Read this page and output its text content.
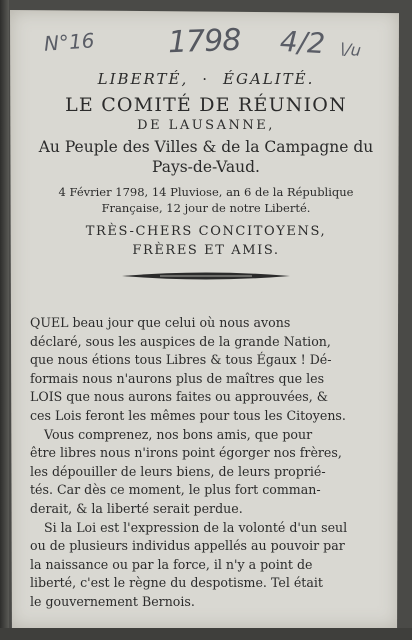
N°16 1798 4/2 \/u

LIBERTÉ, · ÉGALITÉ.

LE COMITÉ DE RÉUNION

DE LAUSANNE,

Au Peuple des Villes & de la Campagne du
Pays-de-Vaud.

4 Février 1798, 14 Pluviose, an 6 de la République
Française, 12 jour de notre Liberté.

TRÈS-CHERS CONCITOYENS,
FRÈRES ET AMIS.

QUEL beau jour que celui où nous avons

déclaré, sous les auspices de la grande Nation,

que nous étions tous Libres & tous Égaux ! Dé-

formais nous n'aurons plus de maîtres que les

LOIS que nous aurons faites ou approuvées, &

ces Lois feront les mêmes pour tous les Citoyens.

Vous comprenez, nos bons amis, que pour

être libres nous n'irons point égorger nos frères,

les dépouiller de leurs biens, de leurs proprié-

tés. Car dès ce moment, le plus fort comman-

derait, & la liberté serait perdue.

Si la Loi est l'expression de la volonté d'un seul

ou de plusieurs individus appellés au pouvoir par

la naissance ou par la force, il n'y a point de

liberté, c'est le règne du despotisme. Tel était

le gouvernement Bernois.
